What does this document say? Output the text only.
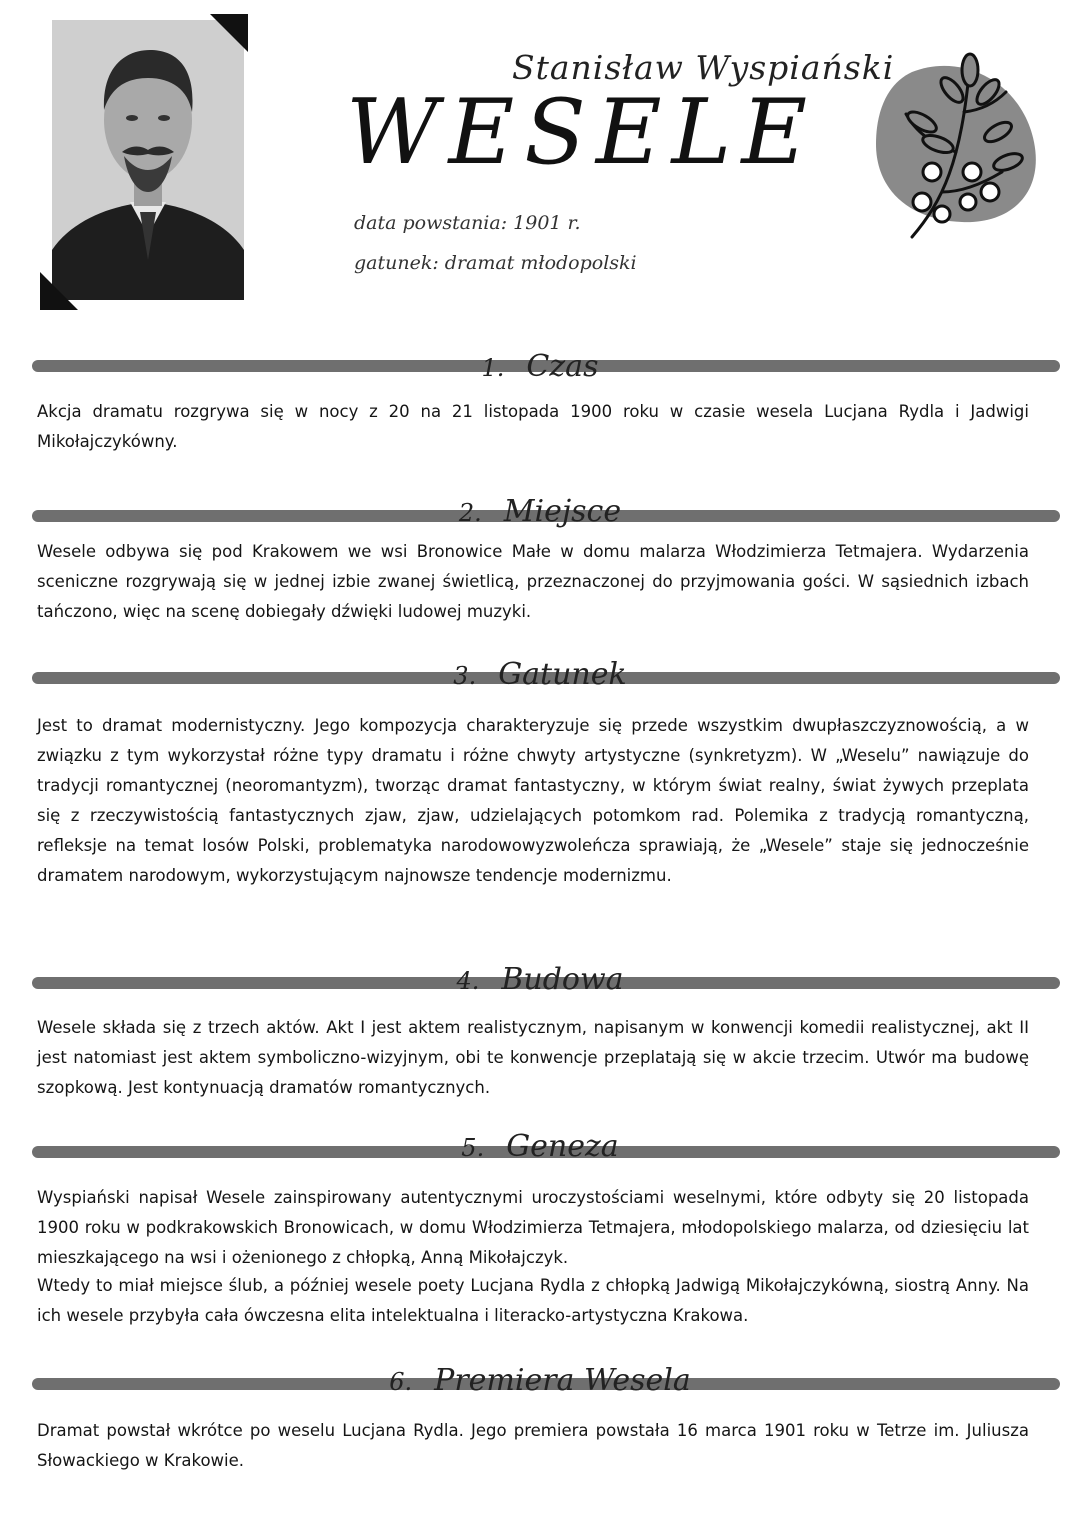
Stanisław Wyspiański
WESELE
data powstania: 1901 r.
gatunek: dramat młodopolski
1. Czas

Akcja dramatu rozgrywa się w nocy z 20 na 21 listopada 1900 roku w czasie wesela Lucjana Rydla i Jadwigi Mikołajczykówny.

2. Miejsce

Wesele odbywa się pod Krakowem we wsi Bronowice Małe w domu malarza Włodzimierza Tetmajera. Wydarzenia sceniczne rozgrywają się w jednej izbie zwanej świetlicą, przeznaczonej do przyjmowania gości. W sąsiednich izbach tańczono, więc na scenę dobiegały dźwięki ludowej muzyki.

3. Gatunek

Jest to dramat modernistyczny. Jego kompozycja charakteryzuje się przede wszystkim dwupłaszczyznowością, a w związku z tym wykorzystał różne typy dramatu i różne chwyty artystyczne (synkretyzm). W „Weselu” nawiązuje do tradycji romantycznej (neoromantyzm), tworząc dramat fantastyczny, w którym świat realny, świat żywych przeplata się z rzeczywistością fantastycznych zjaw, zjaw, udzielających potomkom rad. Polemika z tradycją romantyczną, refleksje na temat losów Polski, problematyka narodowowyzwoleńcza sprawiają, że „Wesele” staje się jednocześnie dramatem narodowym, wykorzystującym najnowsze tendencje modernizmu.

4. Budowa

Wesele składa się z trzech aktów. Akt I jest aktem realistycznym, napisanym w konwencji komedii realistycznej, akt II jest natomiast jest aktem symboliczno-wizyjnym, obi te konwencje przeplatają się w akcie trzecim. Utwór ma budowę szopkową. Jest kontynuacją dramatów romantycznych.

5. Geneza

Wyspiański napisał Wesele zainspirowany autentycznymi uroczystościami weselnymi, które odbyty się 20 listopada 1900 roku w podkrakowskich Bronowicach, w domu Włodzimierza Tetmajera, młodopolskiego malarza, od dziesięciu lat mieszkającego na wsi i ożenionego z chłopką, Anną Mikołajczyk.

Wtedy to miał miejsce ślub, a później wesele poety Lucjana Rydla z chłopką Jadwigą Mikołajczykówną, siostrą Anny. Na ich wesele przybyła cała ówczesna elita intelektualna i literacko-artystyczna Krakowa.

6. Premiera Wesela

Dramat powstał wkrótce po weselu Lucjana Rydla. Jego premiera powstała 16 marca 1901 roku w Tetrze im. Juliusza Słowackiego w Krakowie.
